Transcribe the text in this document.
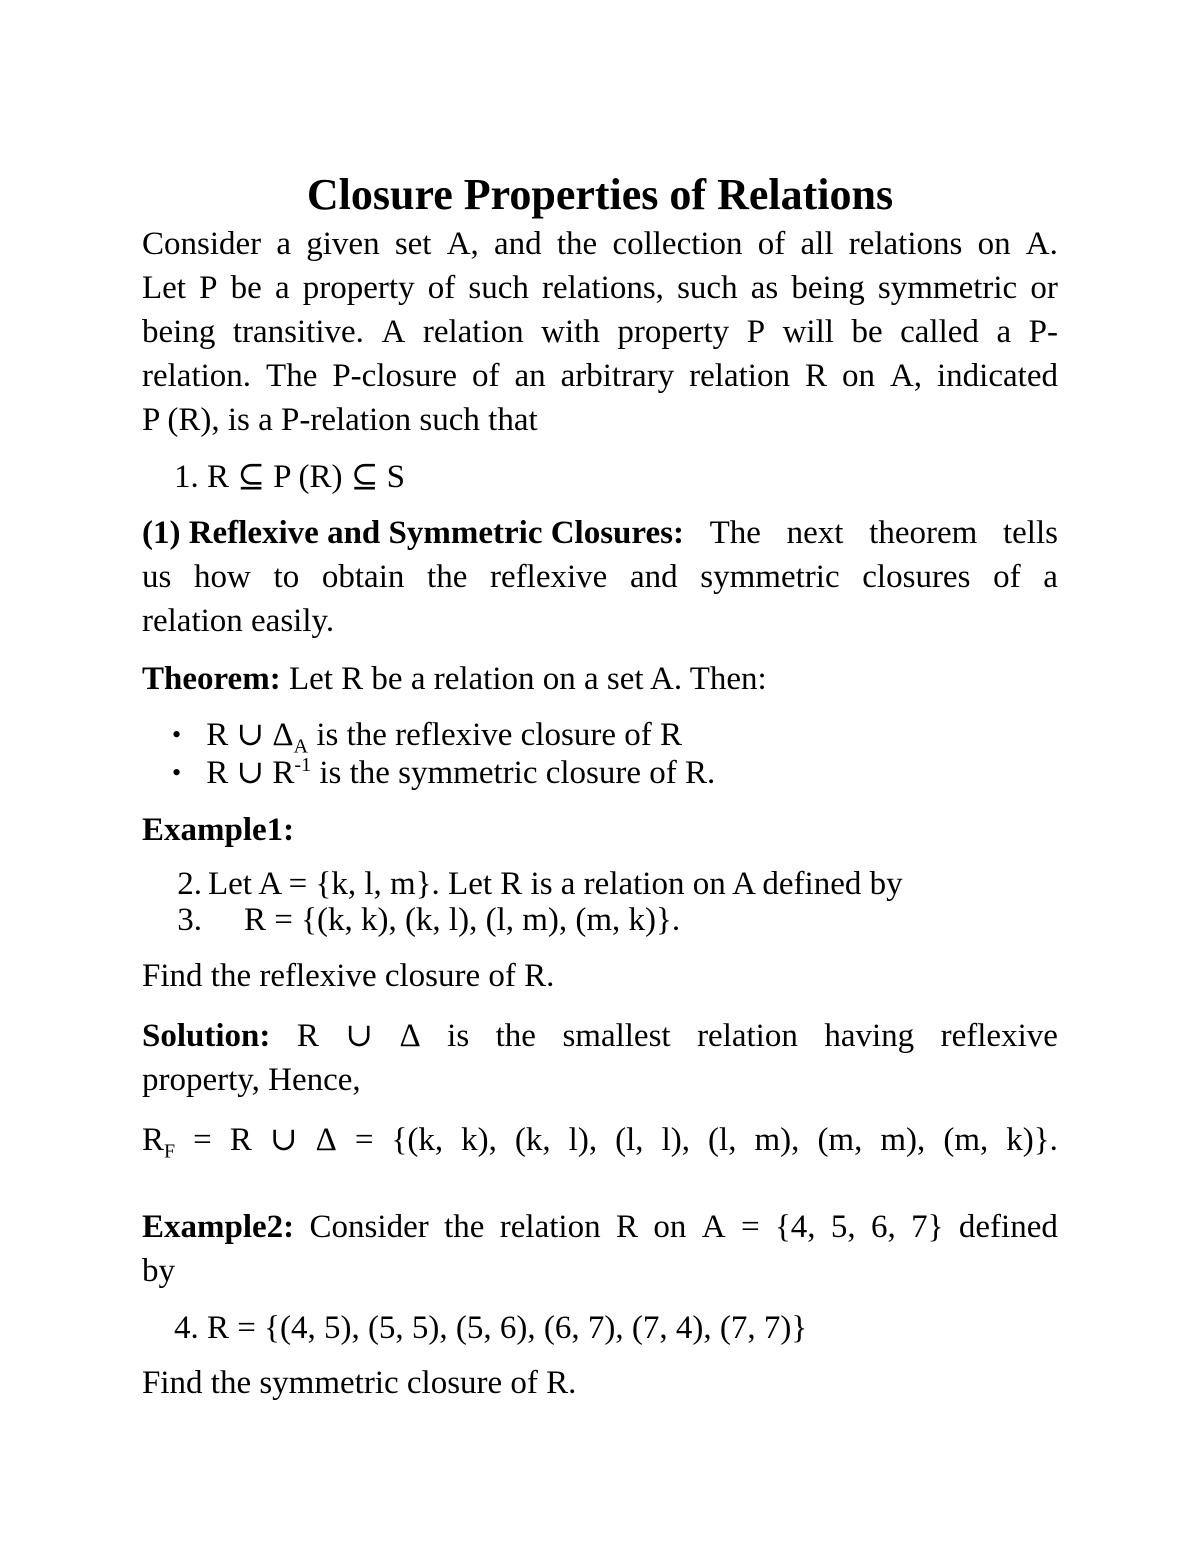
Closure Properties of Relations
Consider a given set A, and the collection of all relations on A.
Let P be a property of such relations, such as being symmetric or
being transitive. A relation with property P will be called a P-
relation. The P-closure of an arbitrary relation R on A, indicated
P (R), is a P-relation such that
1. R ⊆ P (R) ⊆ S
(1) Reflexive and Symmetric Closures: The next theorem tells
us how to obtain the reflexive and symmetric closures of a
relation easily.
Theorem: Let R be a relation on a set A. Then:
• R ∪ $\Delta_A$ is the reflexive closure of R
• R ∪ $R^{-1}$ is the symmetric closure of R.
Example1:
2. Let A = {k, l, m}. Let R is a relation on A defined by
3. R = {(k, k), (k, l), (l, m), (m, k)}.
Find the reflexive closure of R.
Solution: R ∪ Δ is the smallest relation having reflexive
property, Hence,
$R_F = R$ ∪ Δ = {(k, k), (k, l), (l, l), (l, m), (m, m), (m, k)}.
Example2: Consider the relation R on A = {4, 5, 6, 7} defined
by
4. R = {(4, 5), (5, 5), (5, 6), (6, 7), (7, 4), (7, 7)}
Find the symmetric closure of R.
